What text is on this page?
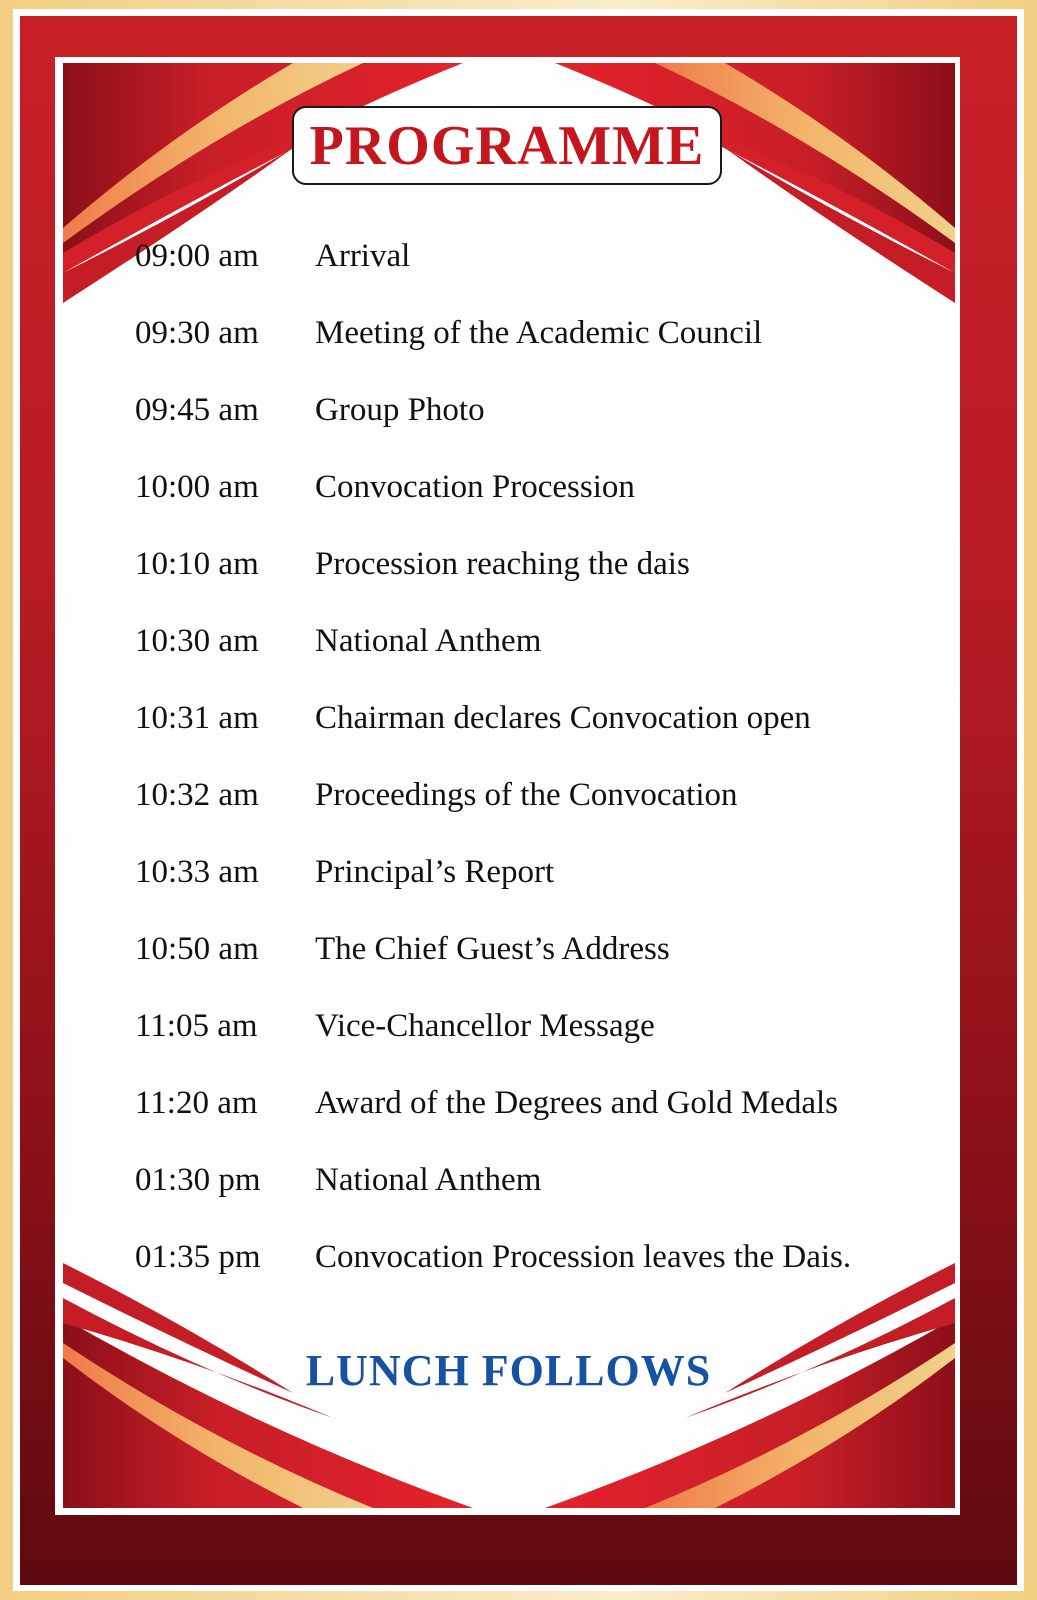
PROGRAMME
09:00 am Arrival
09:30 am Meeting of the Academic Council
09:45 am Group Photo
10:00 am Convocation Procession
10:10 am Procession reaching the dais
10:30 am National Anthem
10:31 am Chairman declares Convocation open
10:32 am Proceedings of the Convocation
10:33 am Principal’s Report
10:50 am The Chief Guest’s Address
11:05 am Vice-Chancellor Message
11:20 am Award of the Degrees and Gold Medals
01:30 pm National Anthem
01:35 pm Convocation Procession leaves the Dais.
LUNCH FOLLOWS
